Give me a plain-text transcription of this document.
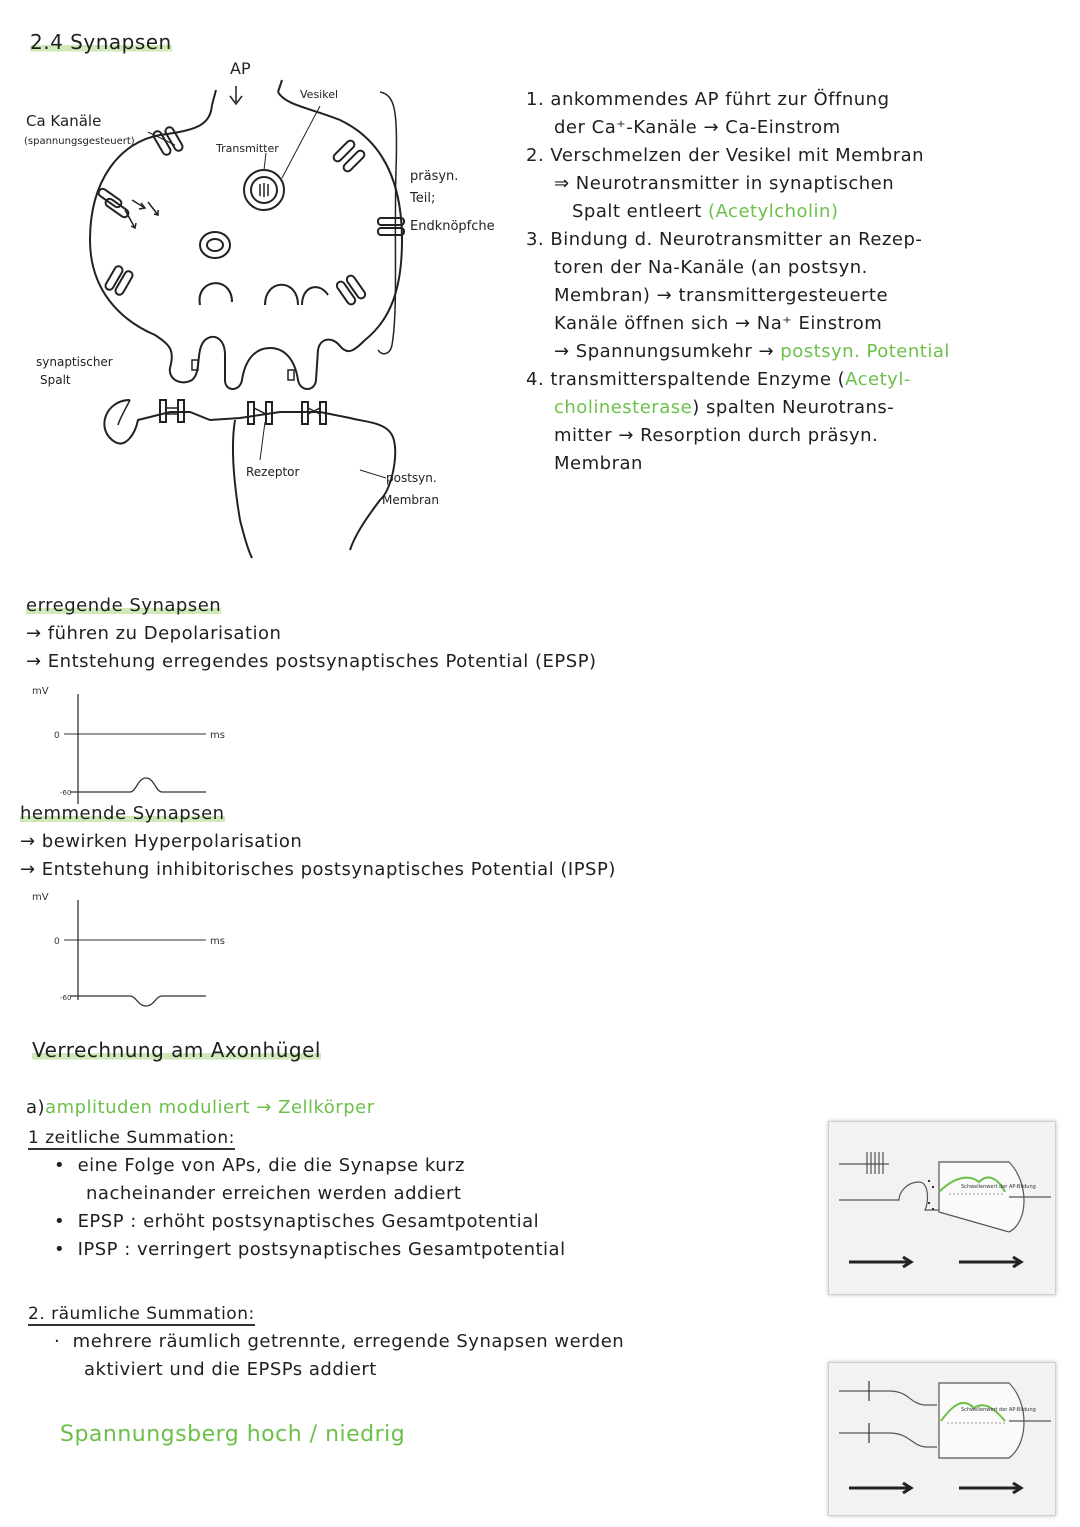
2.4 Synapsen
AP
Ca Kanäle
(spannungsgesteuert)
Vesikel
Transmitter
präsyn.
Teil;
Endknöpfche
synaptischer
Spalt
Rezeptor	postsyn.
Membran
1. ankommendes AP führt zur Öffnung
der Ca⁺-Kanäle → Ca-Einstrom
2. Verschmelzen der Vesikel mit Membran
⇒ Neurotransmitter in synaptischen
Spalt entleert (Acetylcholin)
3. Bindung d. Neurotransmitter an Rezep-
toren der Na-Kanäle (an postsyn.
Membran) → transmittergesteuerte
Kanäle öffnen sich → Na⁺ Einstrom
→ Spannungsumkehr → postsyn. Potential
4. transmitterspaltende Enzyme (Acetyl-
cholinesterase) spalten Neurotrans-
mitter → Resorption durch präsyn.
Membran
erregende Synapsen
→ führen zu Depolarisation
→ Entstehung erregendes postsynaptisches Potential (EPSP)
mV
0	ms
-60
hemmende Synapsen
→ bewirken Hyperpolarisation
→ Entstehung inhibitorisches postsynaptisches Potential (IPSP)
mV
0	ms
-60
Verrechnung am Axonhügel
a)amplituden moduliert → Zellkörper
1 zeitliche Summation:
•  eine Folge von APs, die die Synapse kurz
nacheinander erreichen werden addiert
•  EPSP : erhöht postsynaptisches Gesamtpotential
•  IPSP : verringert postsynaptisches Gesamtpotential
2. räumliche Summation:
·  mehrere räumlich getrennte, erregende Synapsen werden
aktiviert und die EPSPs addiert
Spannungsberg hoch / niedrig
Schwellenwert der AP-Bildung
Schwellenwert der AP-Bildung
